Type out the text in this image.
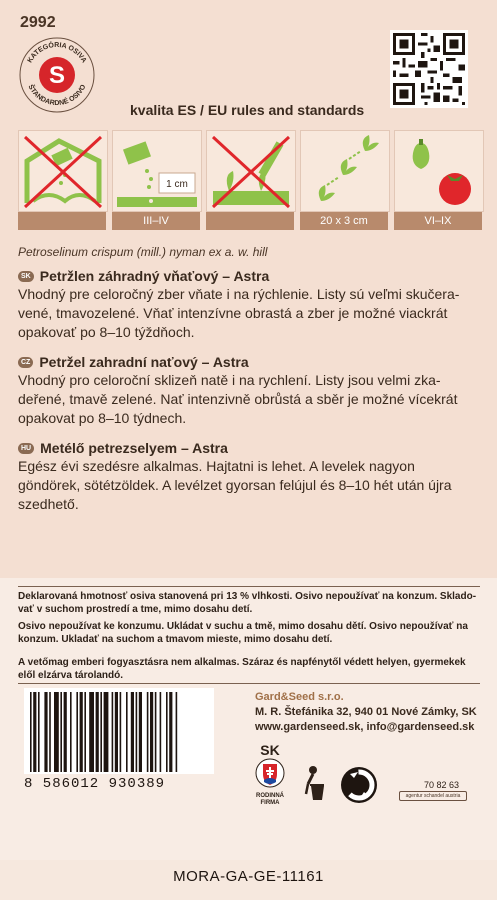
2992
KATEGÓRIA OSIVA
ŠTANDARDNÉ OSIVO
S
kvalita ES / EU rules and standards
1 cm
III–IV	20 x 3 cm	VI–IX
Petroselinum crispum (mill.) nyman ex a. w. hill
SK Petržlen záhradný vňaťový – Astra
Vhodný pre celoročný zber vňate i na rýchlenie. Listy sú veľmi skučera-
vené, tmavozelené. Vňať intenzívne obrastá a zber je možné viackrát
opakovať po 8–10 týždňoch.
CZ Petržel zahradní naťový – Astra
Vhodný pro celoroční sklizeň natě i na rychlení. Listy jsou velmi zka-
deřené, tmavě zelené. Nať intenzivně obrůstá a sběr je možné vícekrát
opakovat po 8–10 týdnech.
HU Metélő petrezselyem – Astra
Egész évi szedésre alkalmas. Hajtatni is lehet. A levelek nagyon
göndörek, sötétzöldek. A levélzet gyorsan felújul és 8–10 hét után újra
szedhető.
Deklarovaná hmotnosť osiva stanovená pri 13 % vlhkosti. Osivo nepoužívať na konzum. Sklado-
vať v suchom prostredí a tme, mimo dosahu detí.
Osivo nepoužívat ke konzumu. Ukládat v suchu a tmě, mimo dosahu dětí. Osivo nepoužívať na
konzum. Ukladať na suchom a tmavom mieste, mimo dosahu detí.
A vetőmag emberi fogyasztásra nem alkalmas. Száraz és napfénytől védett helyen, gyermekek
elől elzárva tárolandó.
Gard&Seed s.r.o.
M. R. Štefánika 32, 940 01 Nové Zámky, SK
www.gardenseed.sk, info@gardenseed.sk
8 586012 930389
SK
RODINNÁ
FIRMA
70 82 63
agentur schandel austria
MORA-GA-GE-11161
